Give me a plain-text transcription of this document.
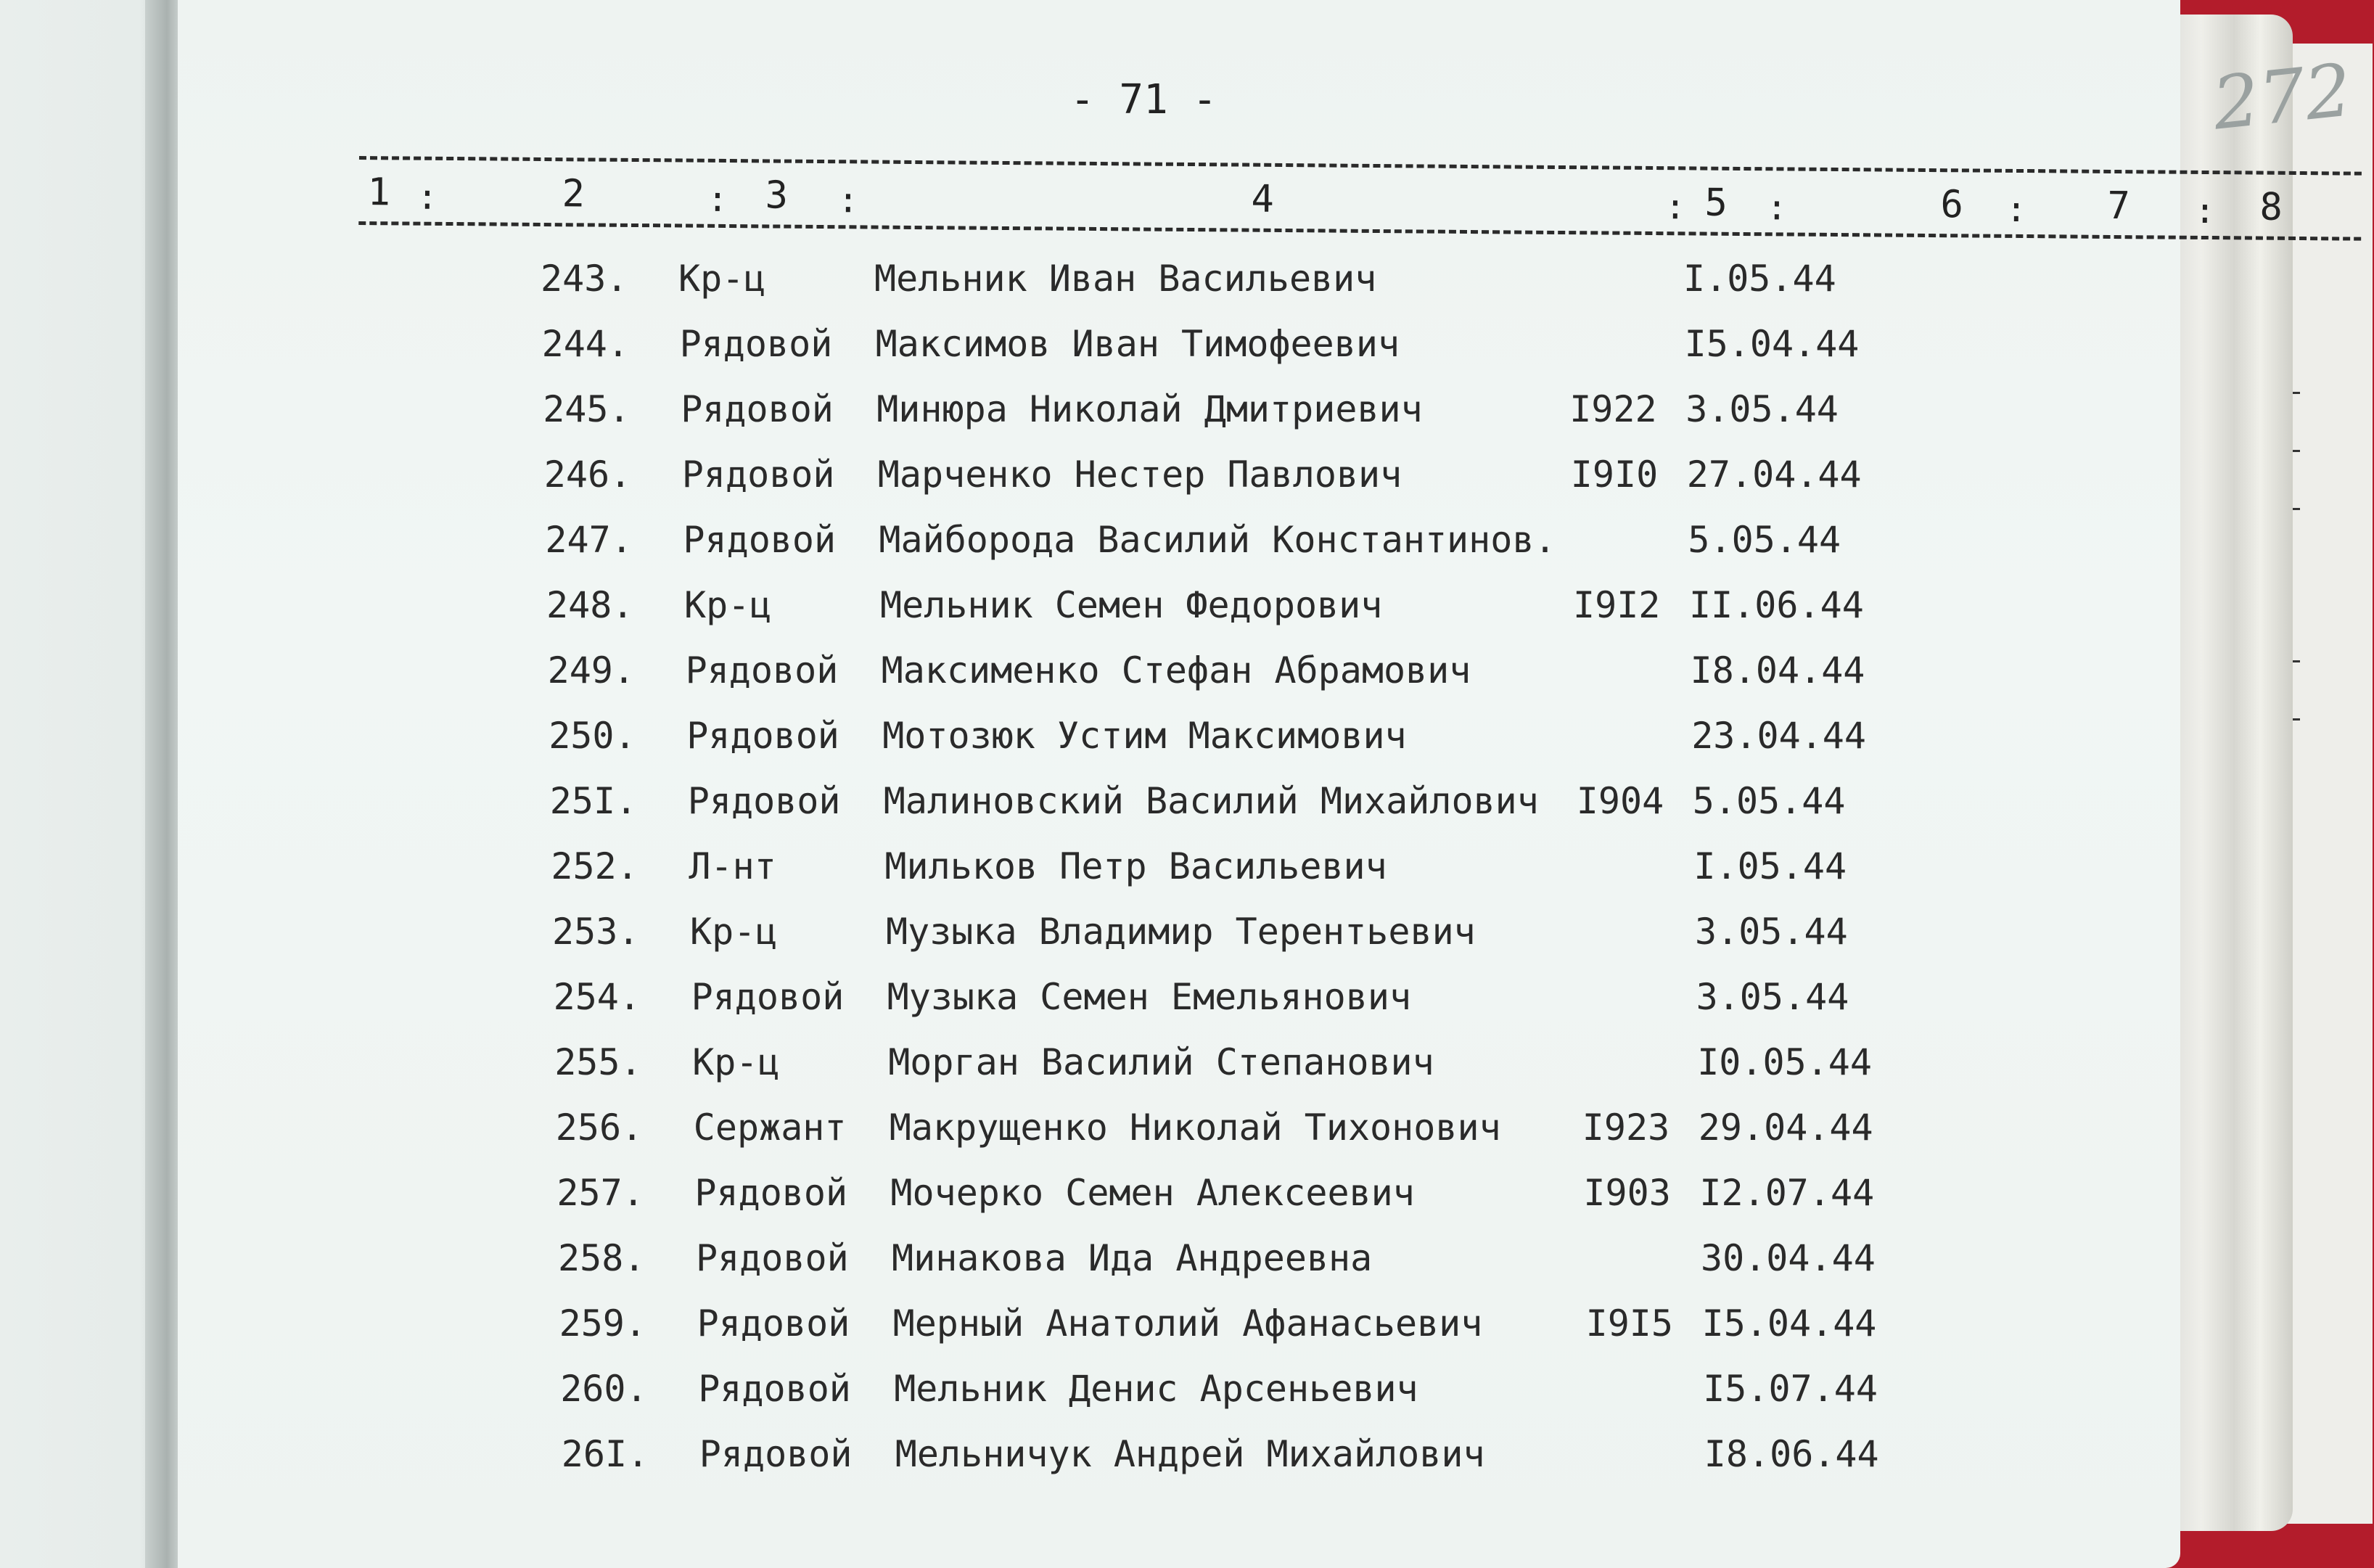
- 71 -	272
1 :	2	: 3 :	4	: 5 :	6 : 7 : 8
243. Кр-ц	Мельник Иван Васильевич	I.05.44
244. Рядовой Максимов Иван Тимофеевич	I5.04.44
245. Рядовой Минюра Николай Дмитриевич	I922 3.05.44
246. Рядовой Марченко Нестер Павлович	I9I0 27.04.44
247. Рядовой Майборода Василий Константинов.	5.05.44
248. Кр-ц	Мельник Семен Федорович	I9I2 II.06.44
249. Рядовой Максименко Стефан Абрамович	I8.04.44
250. Рядовой Мотозюк Устим Максимович	23.04.44
25I. Рядовой Малиновский Василий Михайлович I904 5.05.44
252. Л-нт	Мильков Петр Васильевич	I.05.44
253. Кр-ц	Музыка Владимир Терентьевич	3.05.44
254. Рядовой Музыка Семен Емельянович	3.05.44
255. Кр-ц	Морган Василий Степанович	I0.05.44
256. Сержант Макрущенко Николай Тихонович I923 29.04.44
257. Рядовой Мочерко Семен Алексеевич	I903 I2.07.44
258. Рядовой Минакова Ида Андреевна	30.04.44
259. Рядовой Мерный Анатолий Афанасьевич	I9I5 I5.04.44
260. Рядовой Мельник Денис Арсеньевич	I5.07.44
26I. Рядовой Мельничук Андрей Михайлович	I8.06.44
